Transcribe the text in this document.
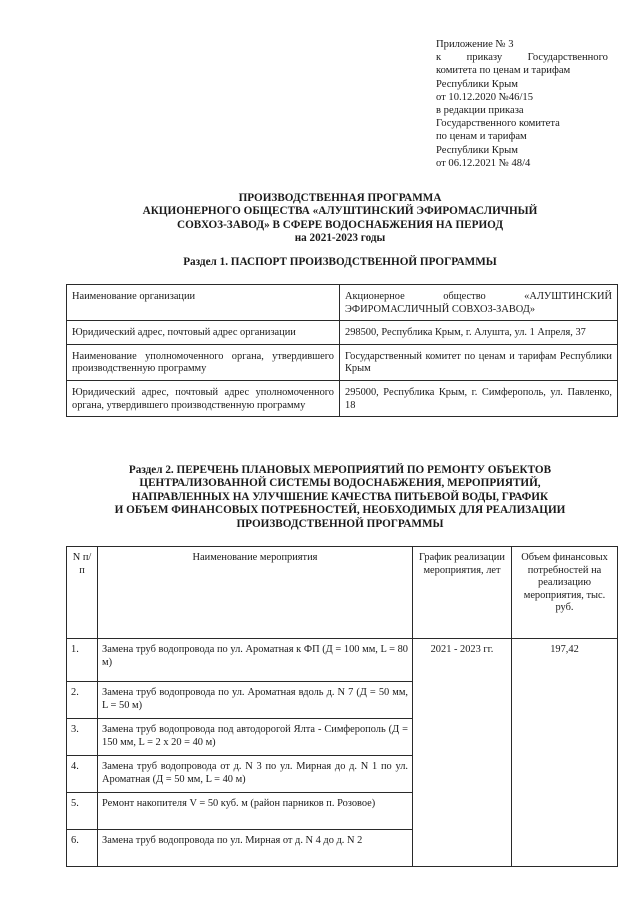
Приложение № 3
к приказу Государственного
комитета по ценам и тарифам
Республики Крым
от 10.12.2020 №46/15
в редакции приказа
Государственного комитета
по ценам и тарифам
Республики Крым
от 06.12.2021 № 48/4
ПРОИЗВОДСТВЕННАЯ ПРОГРАММА
АКЦИОНЕРНОГО ОБЩЕСТВА «АЛУШТИНСКИЙ ЭФИРОМАСЛИЧНЫЙ
СОВХОЗ-ЗАВОД» В СФЕРЕ ВОДОСНАБЖЕНИЯ НА ПЕРИОД
на 2021-2023 годы
Раздел 1. ПАСПОРТ ПРОИЗВОДСТВЕННОЙ ПРОГРАММЫ
Наименование организации	Акционерное общество «АЛУШТИНСКИЙ ЭФИРОМАСЛИЧНЫЙ СОВХОЗ-ЗАВОД»
Юридический адрес, почтовый адрес организации	298500, Республика Крым, г. Алушта, ул. 1 Апреля, 37
Наименование уполномоченного органа, утвердившего производственную программу	Государственный комитет по ценам и тарифам Республики Крым
Юридический адрес, почтовый адрес уполномоченного органа, утвердившего производственную программу	295000, Республика Крым, г. Симферополь, ул. Павленко, 18
Раздел 2. ПЕРЕЧЕНЬ ПЛАНОВЫХ МЕРОПРИЯТИЙ ПО РЕМОНТУ ОБЪЕКТОВ
ЦЕНТРАЛИЗОВАННОЙ СИСТЕМЫ ВОДОСНАБЖЕНИЯ, МЕРОПРИЯТИЙ,
НАПРАВЛЕННЫХ НА УЛУЧШЕНИЕ КАЧЕСТВА ПИТЬЕВОЙ ВОДЫ, ГРАФИК
И ОБЪЕМ ФИНАНСОВЫХ ПОТРЕБНОСТЕЙ, НЕОБХОДИМЫХ ДЛЯ РЕАЛИЗАЦИИ
ПРОИЗВОДСТВЕННОЙ ПРОГРАММЫ
N п/п	Наименование мероприятия	График реализации мероприятия, лет	Объем финансовых потребностей на реализацию мероприятия, тыс. руб.
1.	Замена труб водопровода по ул. Ароматная к ФП (Д = 100 мм, L = 80 м)	2021 - 2023 гг.	197,42
2.	Замена труб водопровода по ул. Ароматная вдоль д. N 7 (Д = 50 мм, L = 50 м)		
3.	Замена труб водопровода под автодорогой Ялта - Симферополь (Д = 150 мм, L = 2 x 20 = 40 м)		
4.	Замена труб водопровода от д. N 3 по ул. Мирная до д. N 1 по ул. Ароматная (Д = 50 мм, L = 40 м)		
5.	Ремонт накопителя V = 50 куб. м (район парников п. Розовое)		
6.	Замена труб водопровода по ул. Мирная от д. N 4 до д. N 2		
